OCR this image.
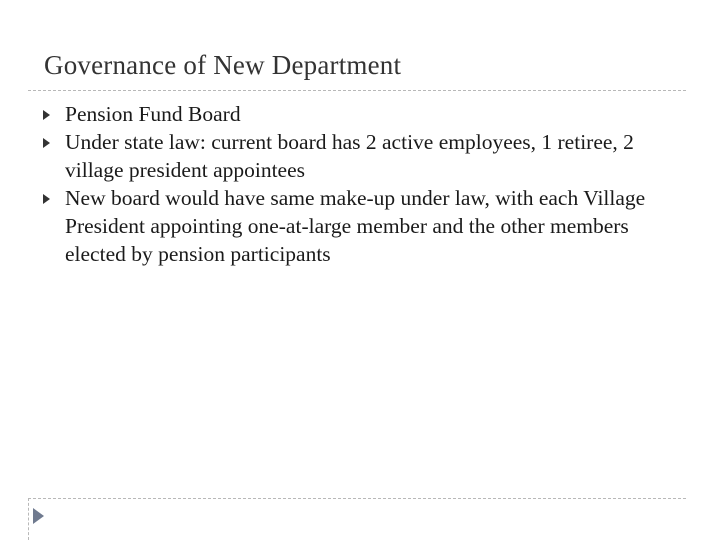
Governance of New Department
Pension Fund Board
Under state law: current board has 2 active employees, 1 retiree, 2 village president appointees
New board would have same make-up under law, with each Village President appointing one-at-large member and the other members elected by pension participants
